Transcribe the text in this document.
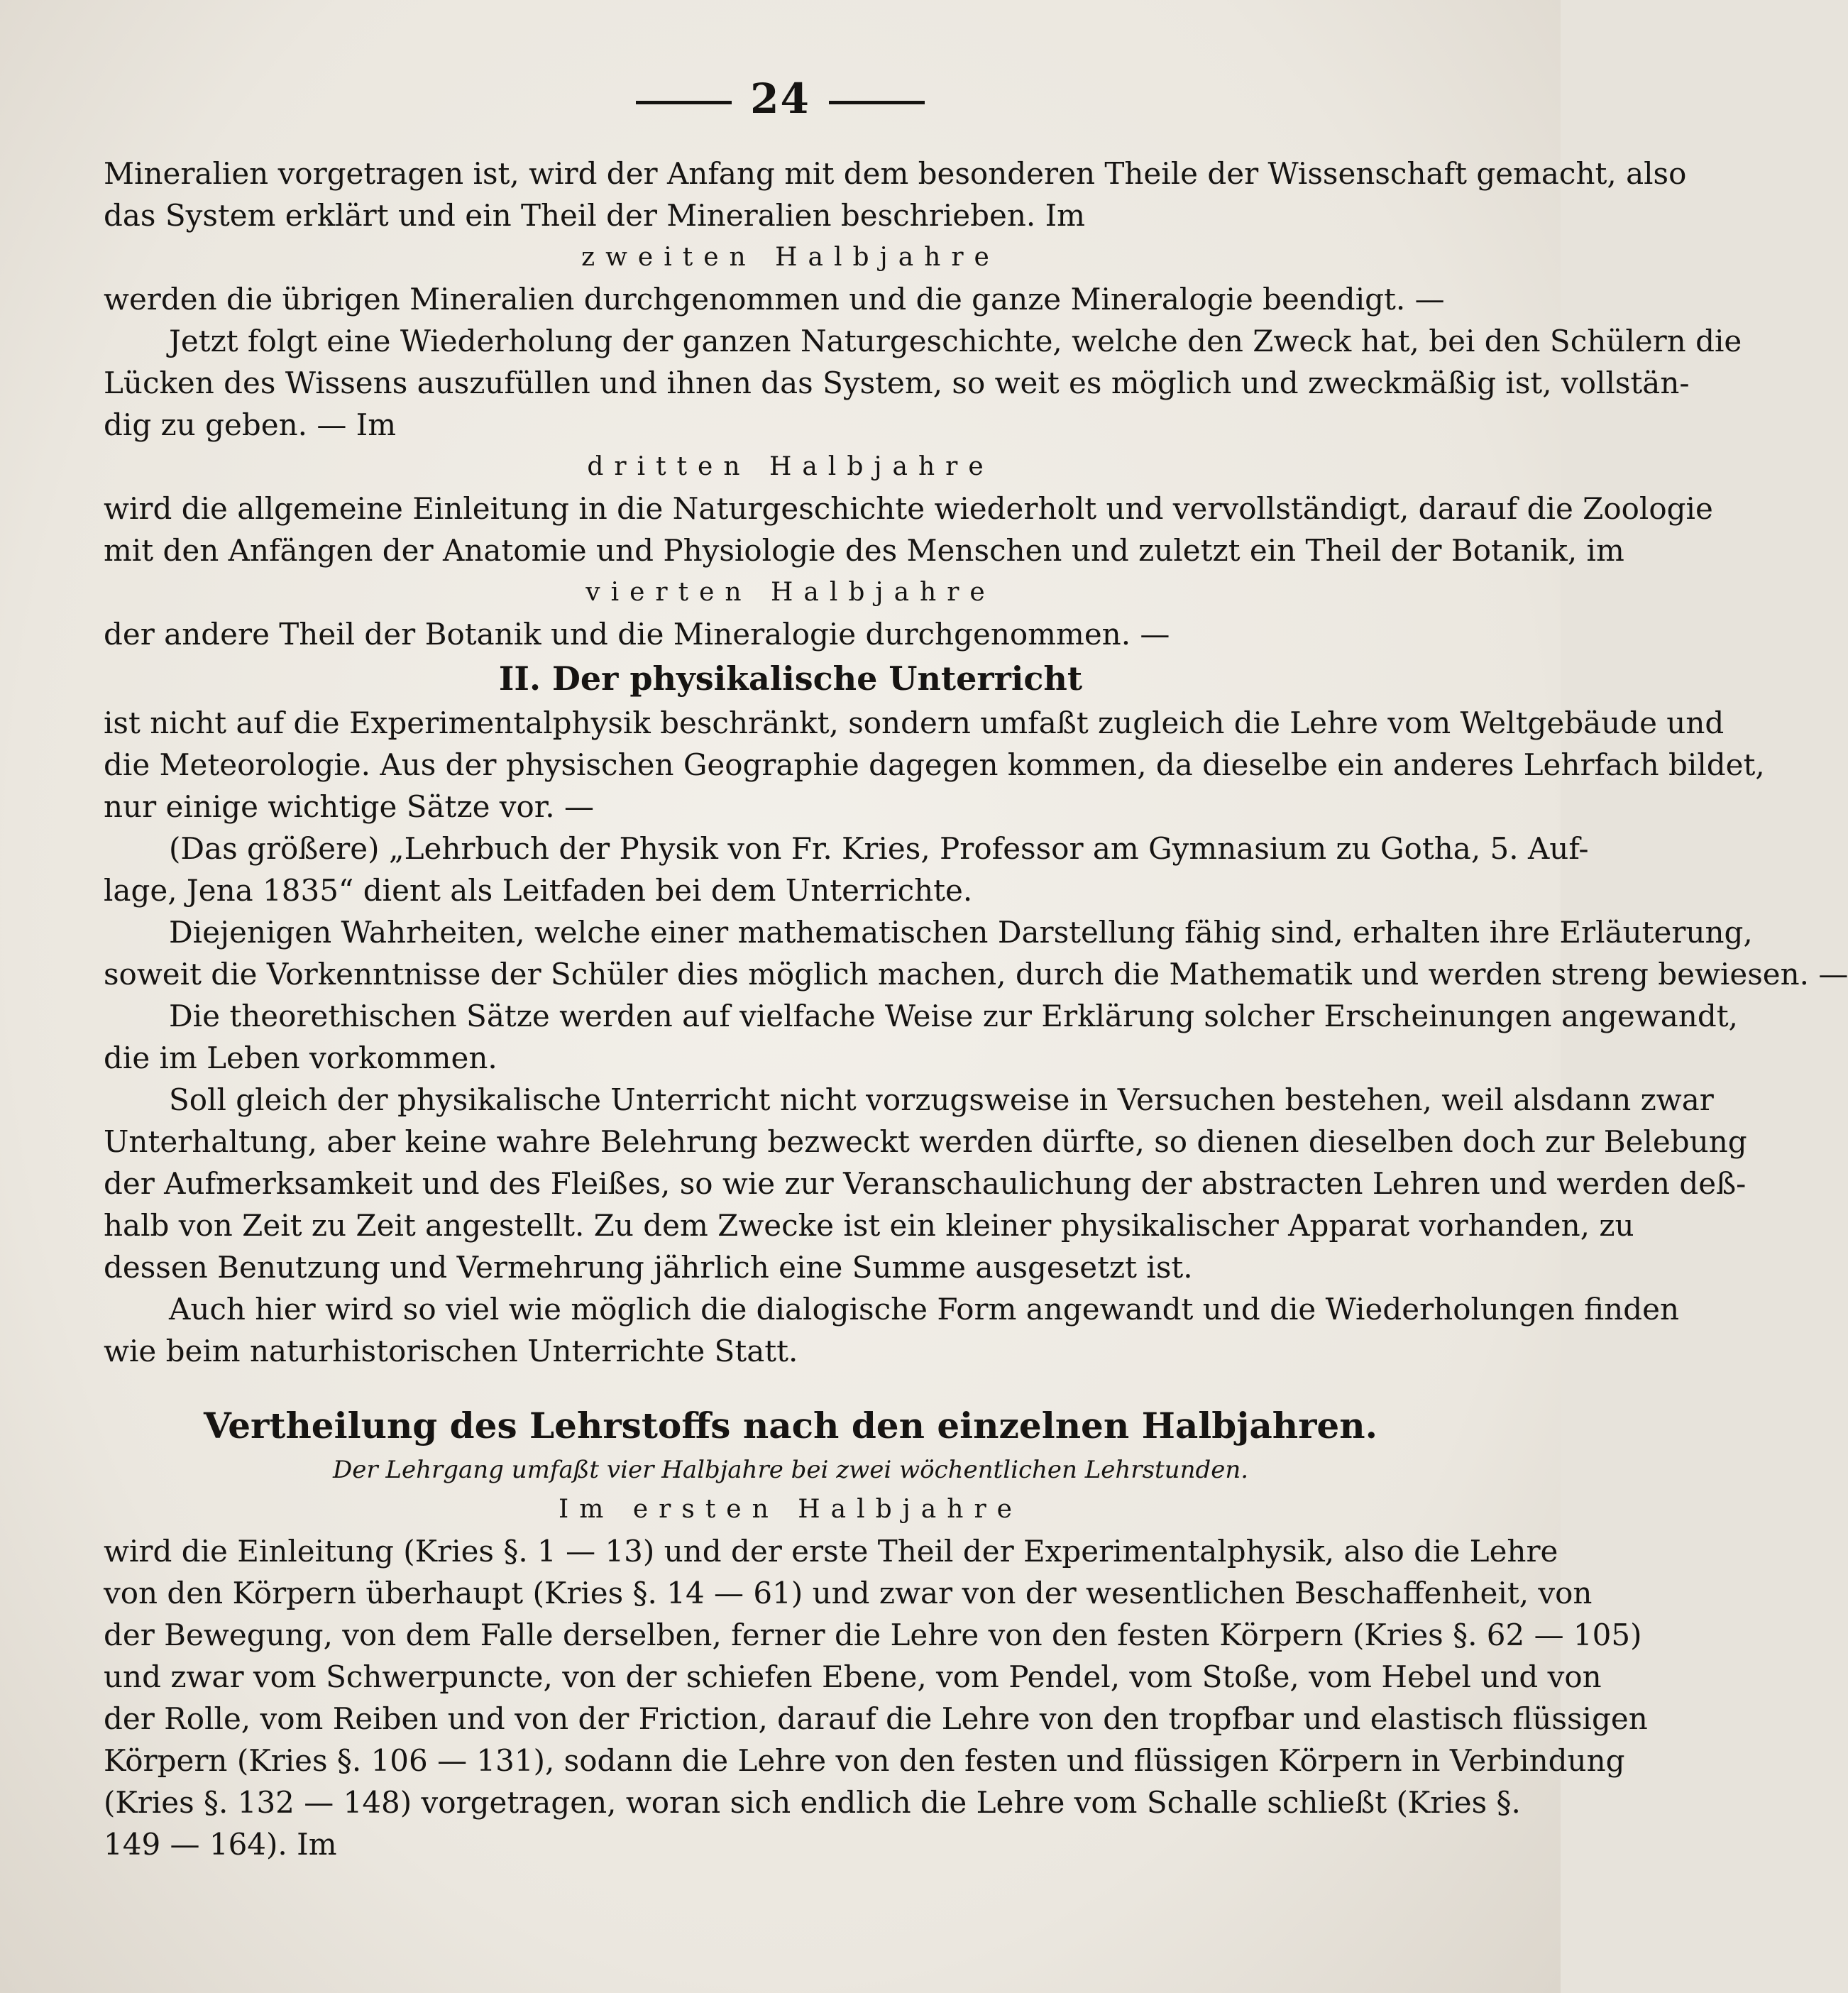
24
Mineralien vorgetragen ist, wird der Anfang mit dem besonderen Theile der Wissenschaft gemacht, also
das System erklärt und ein Theil der Mineralien beschrieben. Im
zweiten Halbjahre
werden die übrigen Mineralien durchgenommen und die ganze Mineralogie beendigt. —
Jetzt folgt eine Wiederholung der ganzen Naturgeschichte, welche den Zweck hat, bei den Schülern die
Lücken des Wissens auszufüllen und ihnen das System, so weit es möglich und zweckmäßig ist, vollstän-
dig zu geben. — Im
dritten Halbjahre
wird die allgemeine Einleitung in die Naturgeschichte wiederholt und vervollständigt, darauf die Zoologie
mit den Anfängen der Anatomie und Physiologie des Menschen und zuletzt ein Theil der Botanik, im
vierten Halbjahre
der andere Theil der Botanik und die Mineralogie durchgenommen. —
II. Der physikalische Unterricht
ist nicht auf die Experimentalphysik beschränkt, sondern umfaßt zugleich die Lehre vom Weltgebäude und
die Meteorologie. Aus der physischen Geographie dagegen kommen, da dieselbe ein anderes Lehrfach bildet,
nur einige wichtige Sätze vor. —
(Das größere) „Lehrbuch der Physik von Fr. Kries, Professor am Gymnasium zu Gotha, 5. Auf-
lage, Jena 1835“ dient als Leitfaden bei dem Unterrichte.
Diejenigen Wahrheiten, welche einer mathematischen Darstellung fähig sind, erhalten ihre Erläuterung,
soweit die Vorkenntnisse der Schüler dies möglich machen, durch die Mathematik und werden streng bewiesen. —
Die theorethischen Sätze werden auf vielfache Weise zur Erklärung solcher Erscheinungen angewandt,
die im Leben vorkommen.
Soll gleich der physikalische Unterricht nicht vorzugsweise in Versuchen bestehen, weil alsdann zwar
Unterhaltung, aber keine wahre Belehrung bezweckt werden dürfte, so dienen dieselben doch zur Belebung
der Aufmerksamkeit und des Fleißes, so wie zur Veranschaulichung der abstracten Lehren und werden deß-
halb von Zeit zu Zeit angestellt. Zu dem Zwecke ist ein kleiner physikalischer Apparat vorhanden, zu
dessen Benutzung und Vermehrung jährlich eine Summe ausgesetzt ist.
Auch hier wird so viel wie möglich die dialogische Form angewandt und die Wiederholungen finden
wie beim naturhistorischen Unterrichte Statt.
Vertheilung des Lehrstoffs nach den einzelnen Halbjahren.
Der Lehrgang umfaßt vier Halbjahre bei zwei wöchentlichen Lehrstunden.
Im ersten Halbjahre
wird die Einleitung (Kries §. 1 — 13) und der erste Theil der Experimentalphysik, also die Lehre
von den Körpern überhaupt (Kries §. 14 — 61) und zwar von der wesentlichen Beschaffenheit, von
der Bewegung, von dem Falle derselben, ferner die Lehre von den festen Körpern (Kries §. 62 — 105)
und zwar vom Schwerpuncte, von der schiefen Ebene, vom Pendel, vom Stoße, vom Hebel und von
der Rolle, vom Reiben und von der Friction, darauf die Lehre von den tropfbar und elastisch flüssigen
Körpern (Kries §. 106 — 131), sodann die Lehre von den festen und flüssigen Körpern in Verbindung
(Kries §. 132 — 148) vorgetragen, woran sich endlich die Lehre vom Schalle schließt (Kries §.
149 — 164). Im
